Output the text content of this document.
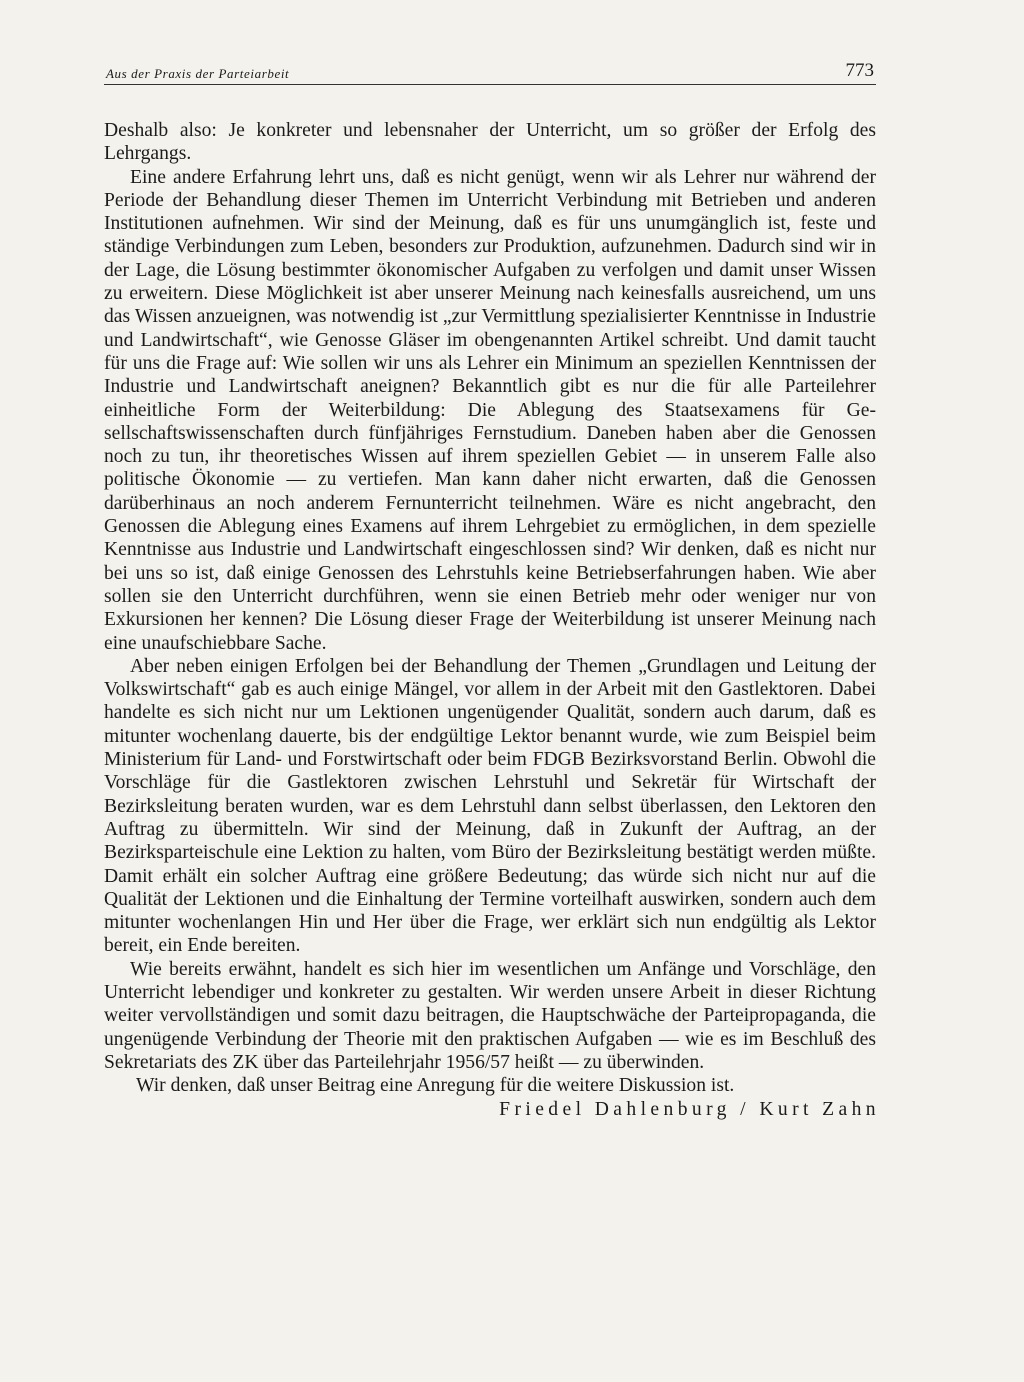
Aus der Praxis der Parteiarbeit	773

Deshalb also: Je konkreter und lebensnaher der Unterricht, um so größer der Erfolg des Lehrgangs.

Eine andere Erfahrung lehrt uns, daß es nicht genügt, wenn wir als Lehrer nur während der Periode der Behandlung dieser Themen im Unterricht Verbindung mit Betrieben und anderen Institutionen aufnehmen. Wir sind der Meinung, daß es für uns unumgänglich ist, feste und ständige Verbindungen zum Leben, besonders zur Produktion, aufzunehmen. Dadurch sind wir in der Lage, die Lösung bestimmter ökonomischer Aufgaben zu verfolgen und damit unser Wissen zu erweitern. Diese Möglichkeit ist aber unserer Meinung nach keinesfalls ausreichend, um uns das Wissen anzueignen, was notwendig ist „zur Vermittlung spezialisierter Kenntnisse in Industrie und Landwirtschaft“, wie Genosse Gläser im obengenannten Artikel schreibt. Und damit taucht für uns die Frage auf: Wie sollen wir uns als Lehrer ein Minimum an speziellen Kenntnissen der Industrie und Landwirtschaft aneignen? Bekanntlich gibt es nur die für alle Parteilehrer einheitliche Form der Weiterbildung: Die Ablegung des Staatsexamens für Gesellschaftswissenschaften durch fünfjähriges Fernstudium. Daneben haben aber die Genossen noch zu tun, ihr theoretisches Wissen auf ihrem speziellen Gebiet — in unserem Falle also politische Ökonomie — zu vertiefen. Man kann daher nicht erwarten, daß die Genossen darüberhinaus an noch anderem Fernunterricht teilnehmen. Wäre es nicht angebracht, den Genossen die Ablegung eines Examens auf ihrem Lehrgebiet zu ermöglichen, in dem spezielle Kenntnisse aus Industrie und Landwirtschaft eingeschlossen sind? Wir denken, daß es nicht nur bei uns so ist, daß einige Genossen des Lehrstuhls keine Betriebserfahrungen haben. Wie aber sollen sie den Unterricht durchführen, wenn sie einen Betrieb mehr oder weniger nur von Exkursionen her kennen? Die Lösung dieser Frage der Weiterbildung ist unserer Meinung nach eine unaufschiebbare Sache.

Aber neben einigen Erfolgen bei der Behandlung der Themen „Grundlagen und Leitung der Volkswirtschaft“ gab es auch einige Mängel, vor allem in der Arbeit mit den Gastlektoren. Dabei handelte es sich nicht nur um Lektionen ungenügender Qualität, sondern auch darum, daß es mitunter wochenlang dauerte, bis der endgültige Lektor benannt wurde, wie zum Beispiel beim Ministerium für Land- und Forstwirtschaft oder beim FDGB Bezirksvorstand Berlin. Obwohl die Vorschläge für die Gastlektoren zwischen Lehrstuhl und Sekretär für Wirtschaft der Bezirksleitung beraten wurden, war es dem Lehrstuhl dann selbst überlassen, den Lektoren den Auftrag zu übermitteln. Wir sind der Meinung, daß in Zukunft der Auftrag, an der Bezirksparteischule eine Lektion zu halten, vom Büro der Bezirksleitung bestätigt werden müßte. Damit erhält ein solcher Auftrag eine größere Bedeutung; das würde sich nicht nur auf die Qualität der Lektionen und die Einhaltung der Termine vorteilhaft auswirken, sondern auch dem mitunter wochenlangen Hin und Her über die Frage, wer erklärt sich nun endgültig als Lektor bereit, ein Ende bereiten.

Wie bereits erwähnt, handelt es sich hier im wesentlichen um Anfänge und Vorschläge, den Unterricht lebendiger und konkreter zu gestalten. Wir werden unsere Arbeit in dieser Richtung weiter vervollständigen und somit dazu beitragen, die Hauptschwäche der Parteipropaganda, die ungenügende Verbindung der Theorie mit den praktischen Aufgaben — wie es im Beschluß des Sekretariats des ZK über das Parteilehrjahr 1956/57 heißt — zu überwinden.

Wir denken, daß unser Beitrag eine Anregung für die weitere Diskussion ist.

Friedel Dahlenburg / Kurt Zahn
